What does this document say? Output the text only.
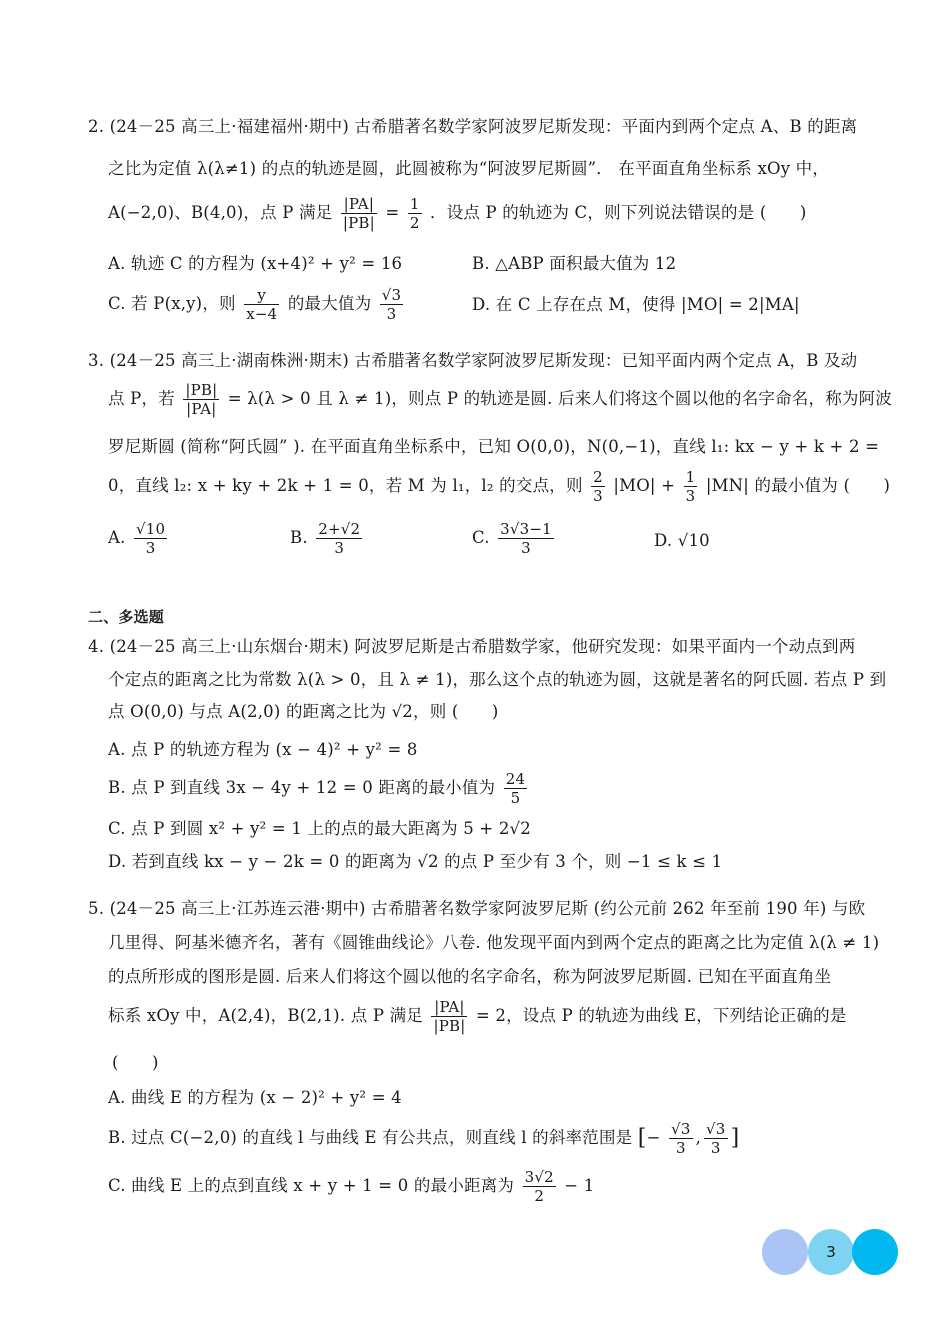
2. (24－25 高三上·福建福州·期中) 古希腊著名数学家阿波罗尼斯发现：平面内到两个定点 A、B 的距离
之比为定值 λ(λ≠1) 的点的轨迹是圆，此圆被称为“阿波罗尼斯圆”． 在平面直角坐标系 xOy 中，
A(−2,0)、B(4,0)，点 P 满足 $\frac{|PA|}{|PB|} = \frac{1}{2}$ ．设点 P 的轨迹为 C，则下列说法错误的是 (　　)
A. 轨迹 C 的方程为 (x+4)² + y² = 16	B. △ABP 面积最大值为 12
C. 若 P(x,y)，则 $\frac{y}{x-4}$ 的最大值为 $\frac{√3}{3}$	D. 在 C 上存在点 M，使得 |MO| = 2|MA|
3. (24－25 高三上·湖南株洲·期末) 古希腊著名数学家阿波罗尼斯发现：已知平面内两个定点 A，B 及动
点 P，若 $\frac{|PB|}{|PA|} = \lambda(\lambda > 0$ 且 λ ≠ 1)，则点 P 的轨迹是圆. 后来人们将这个圆以他的名字命名，称为阿波
罗尼斯圆 (简称“阿氏圆” ). 在平面直角坐标系中，已知 O(0,0)，N(0,−1)，直线 l₁: kx − y + k + 2 =
0，直线 l₂: x + ky + 2k + 1 = 0，若 M 为 l₁，l₂ 的交点，则 $\frac{2}{3} |MO| + \frac{1}{3} |MN|$ 的最小值为 (　　)
A. $\frac{√10}{3}$	B. $\frac{2+√2}{3}$	C. $\frac{3√3-1}{3}$	D. √10
二、多选题
4. (24－25 高三上·山东烟台·期末) 阿波罗尼斯是古希腊数学家，他研究发现：如果平面内一个动点到两
个定点的距离之比为常数 λ(λ > 0，且 λ ≠ 1)，那么这个点的轨迹为圆，这就是著名的阿氏圆. 若点 P 到
点 O(0,0) 与点 A(2,0) 的距离之比为 √2，则 (　　)
A. 点 P 的轨迹方程为 (x − 4)² + y² = 8
B. 点 P 到直线 3x − 4y + 12 = 0 距离的最小值为 $\frac{24}{5}$
C. 点 P 到圆 x² + y² = 1 上的点的最大距离为 5 + 2√2
D. 若到直线 kx − y − 2k = 0 的距离为 √2 的点 P 至少有 3 个，则 −1 ≤ k ≤ 1
5. (24－25 高三上·江苏连云港·期中) 古希腊著名数学家阿波罗尼斯 (约公元前 262 年至前 190 年) 与欧
几里得、阿基米德齐名，著有《圆锥曲线论》八卷. 他发现平面内到两个定点的距离之比为定值 λ(λ ≠ 1)
的点所形成的图形是圆. 后来人们将这个圆以他的名字命名，称为阿波罗尼斯圆. 已知在平面直角坐
标系 xOy 中，A(2,4)，B(2,1). 点 P 满足 $\frac{|PA|}{|PB|} = 2$，设点 P 的轨迹为曲线 E，下列结论正确的是
(　　)
A. 曲线 E 的方程为 (x − 2)² + y² = 4
B. 过点 C(−2,0) 的直线 l 与曲线 E 有公共点，则直线 l 的斜率范围是 [− $\frac{√3}{3}$ , $\frac{√3}{3}$ ]
C. 曲线 E 上的点到直线 x + y + 1 = 0 的最小距离为 $\frac{3√2}{2} - 1$
3
